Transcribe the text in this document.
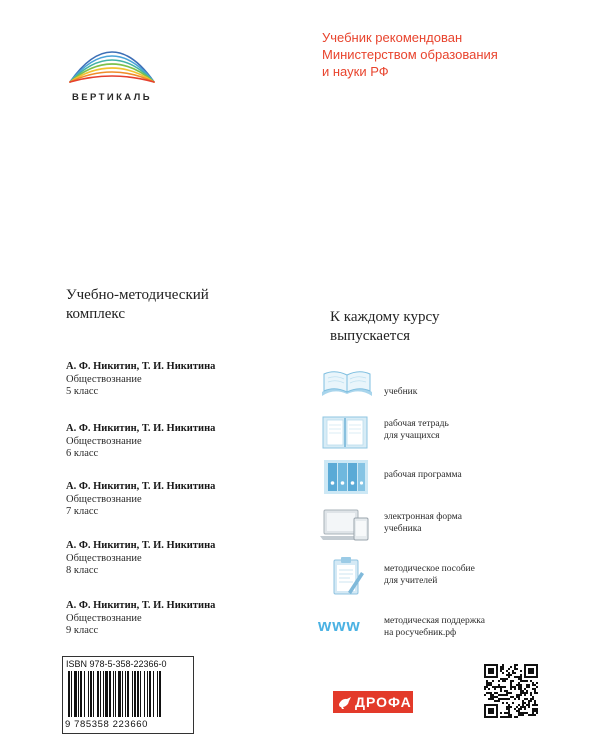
ВЕРТИКАЛЬ
Учебник рекомендован
Министерством образования
и науки РФ
Учебно-методический
комплекс
А. Ф. Никитин, Т. И. Никитина
Обществознание
5 класс
А. Ф. Никитин, Т. И. Никитина
Обществознание
6 класс
А. Ф. Никитин, Т. И. Никитина
Обществознание
7 класс
А. Ф. Никитин, Т. И. Никитина
Обществознание
8 класс
А. Ф. Никитин, Т. И. Никитина
Обществознание
9 класс
К каждому курсу
выпускается
учебник
рабочая тетрадь
для учащихся
рабочая программа
электронная форма
учебника
методическое пособие
для учителей
www методическая поддержка
на росучебник.рф
ISBN 978-5-358-22366-0
9 785358 223660
ДРОФА
